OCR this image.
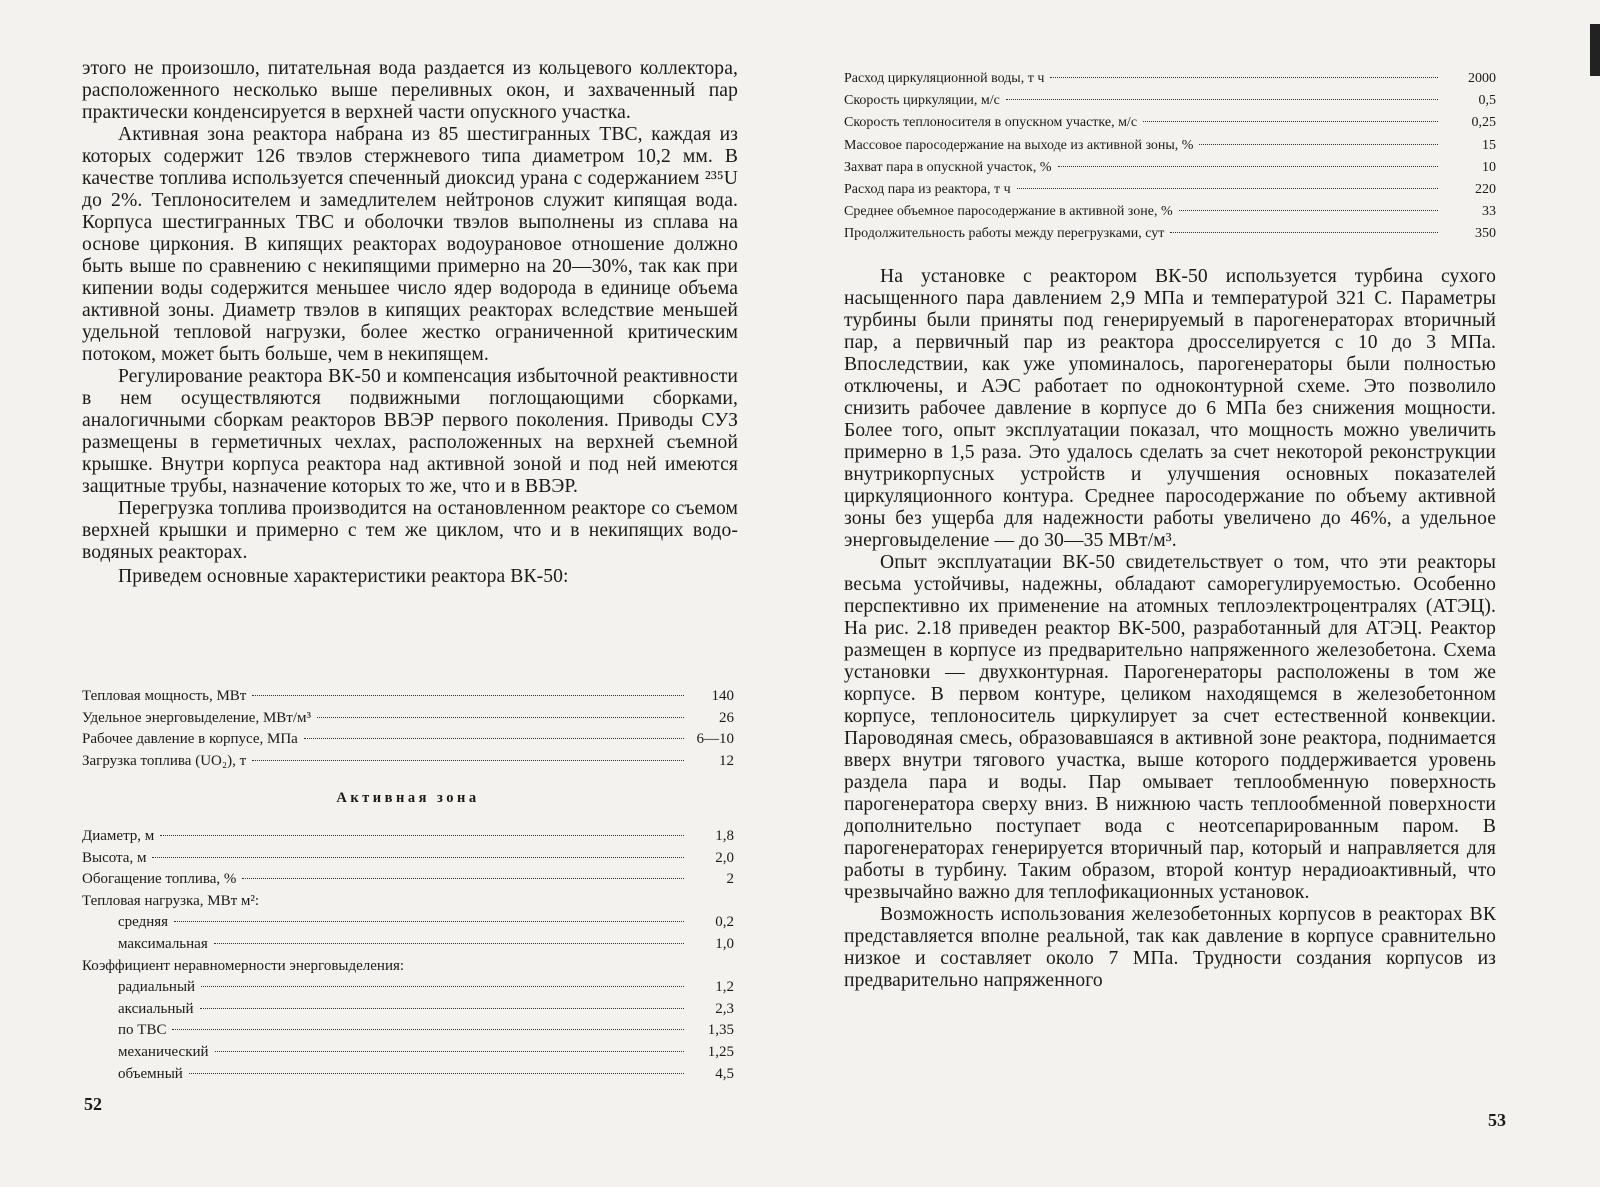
этого не произошло, питательная вода раздается из кольцевого коллектора, расположенного несколько выше переливных окон, и захваченный пар практически конденсируется в верхней части опускного участка.

Активная зона реактора набрана из 85 шестигранных ТВС, каждая из которых содержит 126 твэлов стержневого типа диаметром 10,2 мм. В качестве топлива используется спеченный диоксид урана с содержанием ²³⁵U до 2%. Теплоносителем и замедлителем нейтронов служит кипящая вода. Корпуса шестигранных ТВС и оболочки твэлов выполнены из сплава на основе циркония. В кипящих реакторах водоурановое отношение должно быть выше по сравнению с некипящими примерно на 20—30%, так как при кипении воды содержится меньшее число ядер водорода в единице объема активной зоны. Диаметр твэлов в кипящих реакторах вследствие меньшей удельной тепловой нагрузки, более жестко ограниченной критическим потоком, может быть больше, чем в некипящем.

Регулирование реактора ВК-50 и компенсация избыточной реактивности в нем осуществляются подвижными поглощающими сборками, аналогичными сборкам реакторов ВВЭР первого поколения. Приводы СУЗ размещены в герметичных чехлах, расположенных на верхней съемной крышке. Внутри корпуса реактора над активной зоной и под ней имеются защитные трубы, назначение которых то же, что и в ВВЭР.

Перегрузка топлива производится на остановленном реакторе со съемом верхней крышки и примерно с тем же циклом, что и в некипящих водо-водяных реакторах.

Приведем основные характеристики реактора ВК-50:

Тепловая мощность, МВт	140
Удельное энерговыделение, МВт/м³	26
Рабочее давление в корпусе, МПа	6—10
Загрузка топлива (UO₂), т	12
Активная зона
Диаметр, м	1,8
Высота, м	2,0
Обогащение топлива, %	2
Тепловая нагрузка, МВт м²:
средняя	0,2
максимальная	1,0
Коэффициент неравномерности энерговыделения:
радиальный	1,2
аксиальный	2,3
по ТВС	1,35
механический	1,25
объемный	4,5
52
Расход циркуляционной воды, т ч	2000
Скорость циркуляции, м/с	0,5
Скорость теплоносителя в опускном участке, м/с	0,25
Массовое паросодержание на выходе из активной зоны, %	15
Захват пара в опускной участок, %	10
Расход пара из реактора, т ч	220
Среднее объемное паросодержание в активной зоне, %	33
Продолжительность работы между перегрузками, сут	350

На установке с реактором ВК-50 используется турбина сухого насыщенного пара давлением 2,9 МПа и температурой 321 С. Параметры турбины были приняты под генерируемый в парогенераторах вторичный пар, а первичный пар из реактора дросселируется с 10 до 3 МПа. Впоследствии, как уже упоминалось, парогенераторы были полностью отключены, и АЭС работает по одноконтурной схеме. Это позволило снизить рабочее давление в корпусе до 6 МПа без снижения мощности. Более того, опыт эксплуатации показал, что мощность можно увеличить примерно в 1,5 раза. Это удалось сделать за счет некоторой реконструкции внутрикорпусных устройств и улучшения основных показателей циркуляционного контура. Среднее паросодержание по объему активной зоны без ущерба для надежности работы увеличено до 46%, а удельное энерговыделение — до 30—35 МВт/м³.

Опыт эксплуатации ВК-50 свидетельствует о том, что эти реакторы весьма устойчивы, надежны, обладают саморегулируемостью. Особенно перспективно их применение на атомных теплоэлектроцентралях (АТЭЦ). На рис. 2.18 приведен реактор ВК-500, разработанный для АТЭЦ. Реактор размещен в корпусе из предварительно напряженного железобетона. Схема установки — двухконтурная. Парогенераторы расположены в том же корпусе. В первом контуре, целиком находящемся в железобетонном корпусе, теплоноситель циркулирует за счет естественной конвекции. Пароводяная смесь, образовавшаяся в активной зоне реактора, поднимается вверх внутри тягового участка, выше которого поддерживается уровень раздела пара и воды. Пар омывает теплообменную поверхность парогенератора сверху вниз. В нижнюю часть теплообменной поверхности дополнительно поступает вода с неотсепарированным паром. В парогенераторах генерируется вторичный пар, который и направляется для работы в турбину. Таким образом, второй контур нерадиоактивный, что чрезвычайно важно для теплофикационных установок.

Возможность использования железобетонных корпусов в реакторах ВК представляется вполне реальной, так как давление в корпусе сравнительно низкое и составляет около 7 МПа. Трудности создания корпусов из предварительно напряженного

53
